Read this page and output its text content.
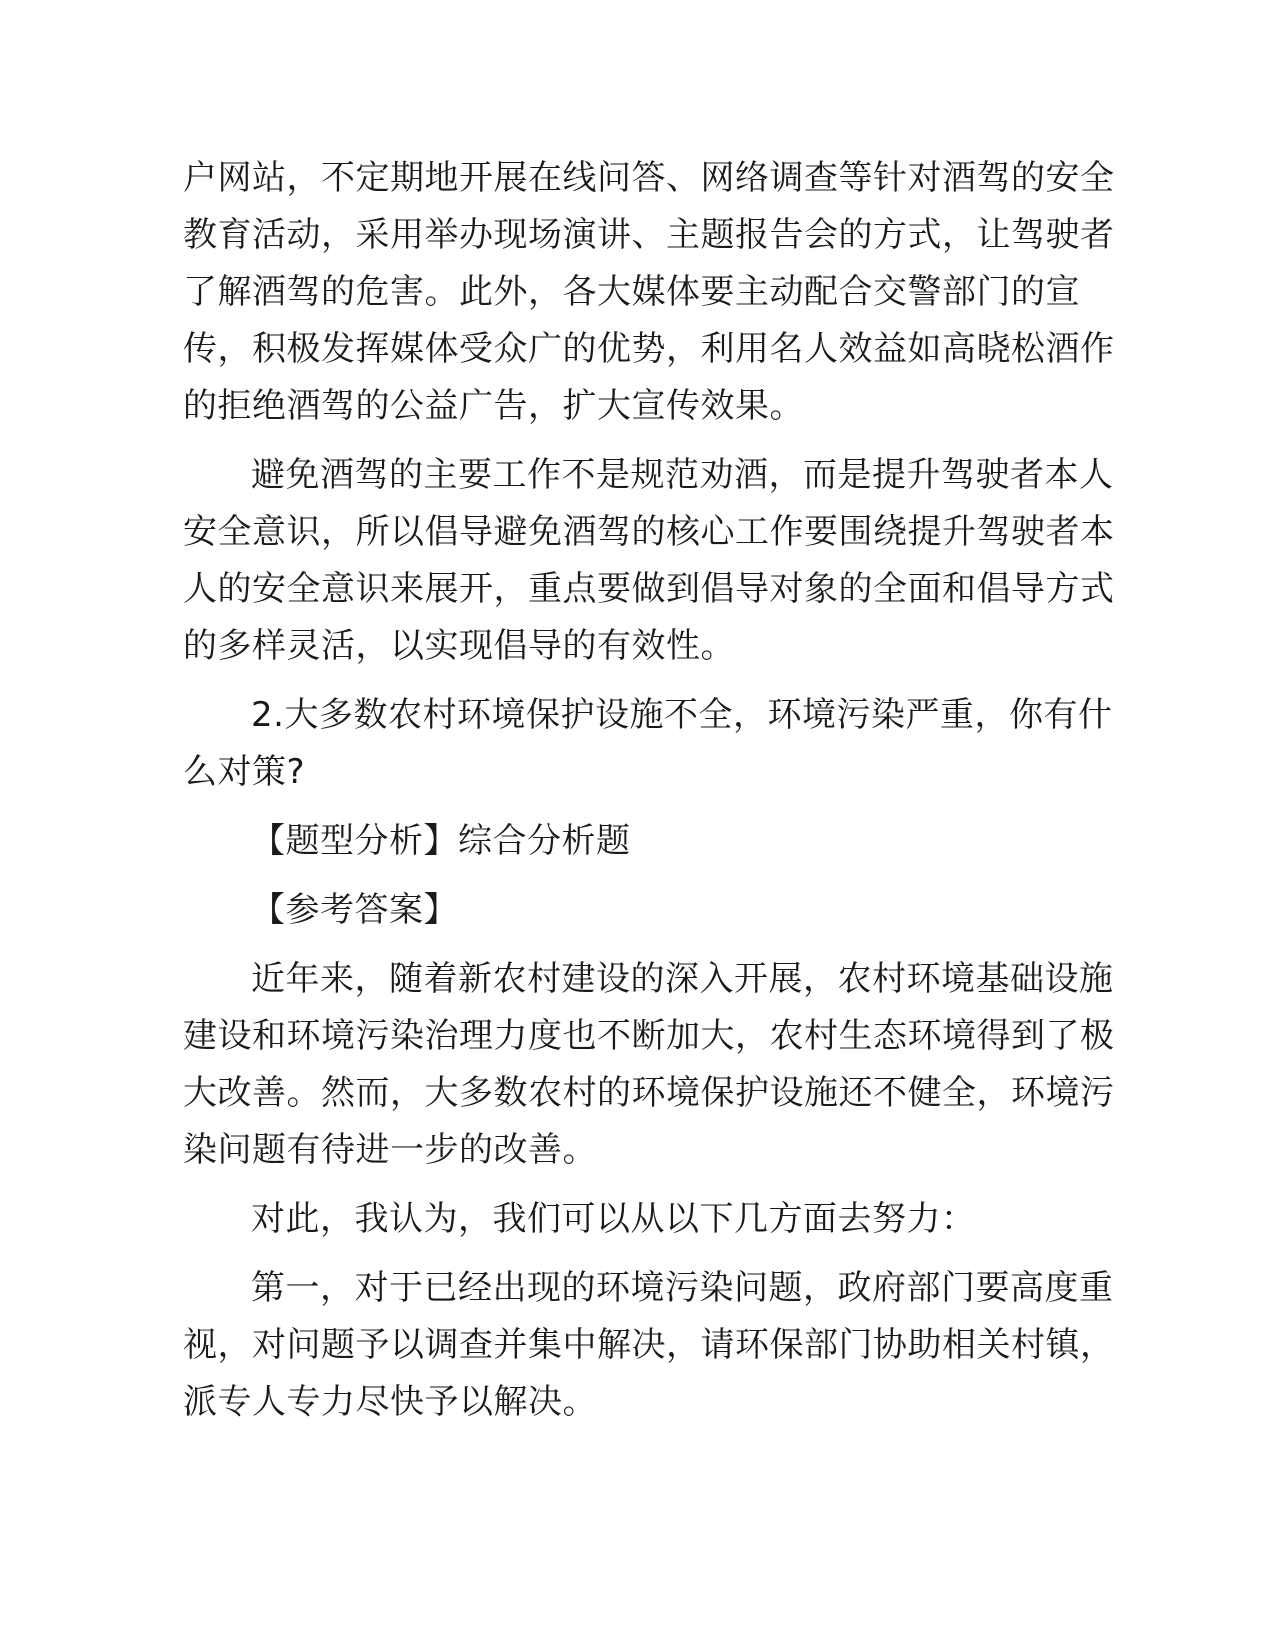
户网站，不定期地开展在线问答、网络调查等针对酒驾的安全
教育活动，采用举办现场演讲、主题报告会的方式，让驾驶者
了解酒驾的危害。此外，各大媒体要主动配合交警部门的宣
传，积极发挥媒体受众广的优势，利用名人效益如高晓松酒作
的拒绝酒驾的公益广告，扩大宣传效果。
避免酒驾的主要工作不是规范劝酒，而是提升驾驶者本人
安全意识，所以倡导避免酒驾的核心工作要围绕提升驾驶者本
人的安全意识来展开，重点要做到倡导对象的全面和倡导方式
的多样灵活，以实现倡导的有效性。
2.大多数农村环境保护设施不全，环境污染严重，你有什
么对策?
【题型分析】综合分析题
【参考答案】
近年来，随着新农村建设的深入开展，农村环境基础设施
建设和环境污染治理力度也不断加大，农村生态环境得到了极
大改善。然而，大多数农村的环境保护设施还不健全，环境污
染问题有待进一步的改善。
对此，我认为，我们可以从以下几方面去努力：
第一，对于已经出现的环境污染问题，政府部门要高度重
视，对问题予以调查并集中解决，请环保部门协助相关村镇，
派专人专力尽快予以解决。
